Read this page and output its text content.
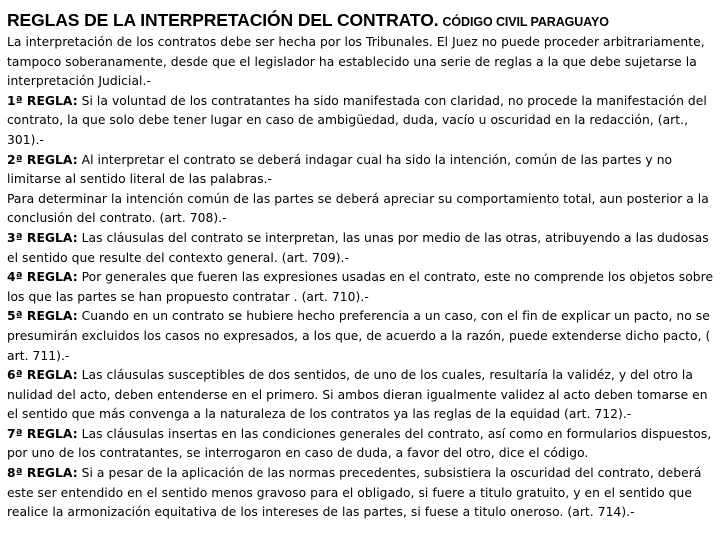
REGLAS DE LA INTERPRETACIÓN DEL CONTRATO. CÓDIGO CIVIL PARAGUAYO

La interpretación de los contratos debe ser hecha por los Tribunales. El Juez no puede proceder arbitrariamente, tampoco soberanamente, desde que el legislador ha establecido una serie de reglas a la que debe sujetarse la interpretación Judicial.-

1ª REGLA: Si la voluntad de los contratantes ha sido manifestada con claridad, no procede la manifestación del contrato, la que solo debe tener lugar en caso de ambigüedad, duda, vacío u oscuridad en la redacción, (art., 301).-

2ª REGLA: Al interpretar el contrato se deberá indagar cual ha sido la intención, común de las partes y no limitarse al sentido literal de las palabras.-

Para determinar la intención común de las partes se deberá apreciar su comportamiento total, aun posterior a la conclusión del contrato. (art. 708).-

3ª REGLA: Las cláusulas del contrato se interpretan, las unas por medio de las otras, atribuyendo a las dudosas el sentido que resulte del contexto general. (art. 709).-

4ª REGLA: Por generales que fueren las expresiones usadas en el contrato, este no comprende los objetos sobre los que las partes se han propuesto contratar . (art. 710).-

5ª REGLA: Cuando en un contrato se hubiere hecho preferencia a un caso, con el fin de explicar un pacto, no se presumirán excluidos los casos no expresados, a los que, de acuerdo a la razón, puede extenderse dicho pacto, ( art. 711).-

6ª REGLA: Las cláusulas susceptibles de dos sentidos, de uno de los cuales, resultaría la validéz, y del otro la nulidad del acto, deben entenderse en el primero. Si ambos dieran igualmente validez al acto deben tomarse en el sentido que más convenga a la naturaleza de los contratos ya las reglas de la equidad (art. 712).-

7ª REGLA: Las cláusulas insertas en las condiciones generales del contrato, así como en formularios dispuestos, por uno de los contratantes, se interrogaron en caso de duda, a favor del otro, dice el código.

8ª REGLA: Si a pesar de la aplicación de las normas precedentes, subsistiera la oscuridad del contrato, deberá este ser entendido en el sentido menos gravoso para el obligado, si fuere a titulo gratuito, y en el sentido que realice la armonización equitativa de los intereses de las partes, si fuese a titulo oneroso. (art. 714).-
